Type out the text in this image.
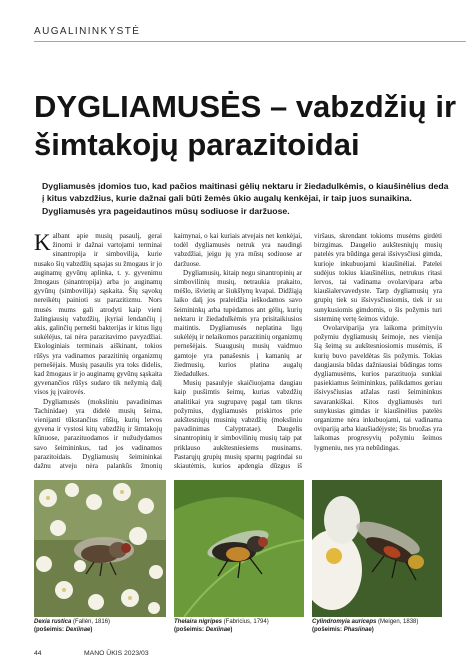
AUGALININKYSTĖ
DYGLIAMUSĖS – vabzdžių ir šimtakojų parazitoidai

Dygliamusės įdomios tuo, kad pačios maitinasi gėlių nektaru ir žiedadulkėmis, o kiaušinėlius deda į kitus vabzdžius, kurie dažnai gali būti žemės ūkio augalų kenkėjai, ir taip juos sunaikina. Dygliamusės yra pageidautinos mūsų sodiuose ir daržuose.

Kalbant apie musių pasaulį, gerai žinomi ir dažnai vartojami terminai sinantropija ir simbovilija, kurie nusako šių vabzdžių sąsajas su žmogaus ir jo auginamų gyvūnų aplinka, t. y. gyvenimu žmogaus (sinantropija) arba jo auginamų gyvūnų (simbovilija) sąskaita. Šių sąvokų nereikėtų painioti su parazitizmu. Nors musės mums gali atrodyti kaip vieni žalingiausių vabzdžių, įkyriai lendančių į akis, galinčių pernešti bakterijas ir kitus ligų sukėlėjus, tai nėra parazitavimo pavyzdžiai. Ekologiniais terminais aiškinant, tokios rūšys yra vadinamos parazitinių organizmų pernešėjais. Musių pasaulis yra toks didelis, kad žmogaus ir jo auginamų gyvūnų sąskaita gyvenančios rūšys sudaro tik nežymią dalį visos jų įvairovės.

Dygliamusės (moksliniu pavadinimas Tachinidae) yra didelė musių šeima, vienijanti tūkstančius rūšių, kurių lervos gyvena ir vystosi kitų vabzdžių ir šimtakojų kūnuose, parazituodamos ir nužudydamos savo šeimininkus, tad jos vadinamos parazitoidais. Dygliamusių šeimininkai dažnu atveju nėra palankūs žmonių kaimynai, o kai kuriais atvejais net kenkėjai, todėl dygliamusės netruk yra naudingi vabzdžiai, jeigu jų yra mūsų sodiuose ar daržuose.

Dygliamusių, kitaip negu sinantropinių ar simbovilinių musių, netraukia prakaito, mėšlo, išvietių ar šiukšlynų kvapai. Didžiąją laiko dalį jos praleidžia ieškodamos savo šeimininkų arba tupėdamos ant gėlių, kurių nektaru ir žiedadulkėmis yra prisitaikiusios maitintis. Dygliamusės neplatina ligų sukėlėjų ir nelaikomos parazitinių organizmų pernešėjais. Suaugusių musių vaidmuo gamtoje yra panašesnis į kamanių ar žiedmusių, kurios platina augalų žiedadulkes.

Musių pasaulyje skaičiuojama daugiau kaip pusšimtis šeimų, kurias vabzdžių analitikai yra sugrupavę pagal tam tikrus požymius, dygliamusės priskirtos prie aukštesniųjų musinių vabzdžių (moksliniu pavadinimas Calyptratae). Daugelis sinantropinių ir simbovilinių musių taip pat priklauso aukštesniesiems musinams. Pastarųjų grupių musių sparnų pagrindai su skiautėmis, kurios apdengia dūzgus iš viršaus, skrendant tokioms musėms girdėti birzgimas. Daugelio aukštesniųjų musių patelės yra būdinga gerai išsivysčiusi gimda, kurioje inkubuojami kiaušinėliai. Patelei sudėjus tokius kiaušinėlius, netrukus ritasi lervos, tai vadinama ovolarvipara arba kiaušialervavedyste. Tarp dygliamusių yra grupių tiek su išsivysčiusiomis, tiek ir su sunykusiomis gimdomis, o šis požymis turi sisteminę vertę šeimos viduje.

Ovolarviparija yra laikoma primityviu požymiu dygliamusių šeimoje, nes vienija šią šeimą su aukštesniosiomis musėmis, iš kurių buvo paveldėtas šis požymis. Tokias daugiausia būdas dažniausiai būdingas toms dygliamusėms, kurios parazituoja sunkiai pasiekiamus šeimininkus, palikdamos geriau išsivysčiusias atžalas rasti šeimininkus savarankiškai. Kitos dygliamusės turi sunykusias gimdas ir kiaušinėlius patelės organizme nėra inkubuojami, tai vadinama ovipariją arba kiaušiadėjyste; šis bruožas yra laikomas progresyvių požymiu šeimos lygmeniu, nes yra nebūdingas.

Dexia rustica (Fallén, 1816)
(pošeimis: Dexiinae)
Thelaira nigripes (Fabricius, 1794)
(pošeimis: Dexiinae)
Cylindromyia auriceps (Meigen, 1838)
(pošeimis: Phasiinae)
44	MANO ŪKIS 2023/03
